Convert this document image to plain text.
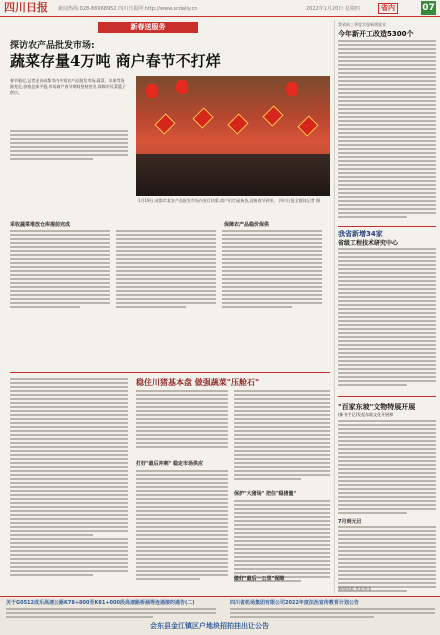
四川日报 新闻热线:028-86968952 四川日报网 http://www.scdaily.cn	2022年1月20日 星期四	省内	07
新春送服务
探访农产品批发市场:
蔬菜存量4万吨 商户春节不打烊
春节临近,记者走访成都市内多家农产品批发市场,蔬菜、水果等货源充足,价格总体平稳,市场商户春节期间坚持营业,保障市民菜篮子供应。
1月19日,成都市某农产品批发市场内张灯结彩,商户们忙碌备货,迎接春节到来。 四川日报全媒体记者 摄
采收蔬菜堆放仓库提前完成	保障农产品稳价保供
稳住川猪基本盘 做强蔬菜"压舱石"
打好"最后冲刺" 稳定市场供应
保护"大猪场" 把住"稳猪量"
做好"最后一公里"保障
我省前三季度实现新增就业
今年新开工改造5300个
我省新增34家
省级工程技术研究中心
"百家东坡"文物特展开展
(新书手记)发起东坡文化开展和
7月到元旦
新闻线索 欢迎来电
关于G0512成乐高速公路K78+800至K81+000段高速路桥涵等连通接的通告(二)	四川省机场集团有限公司2022年度法治宣传教育计划公告
会东县金江镇区户地块招拍挂出让公告
